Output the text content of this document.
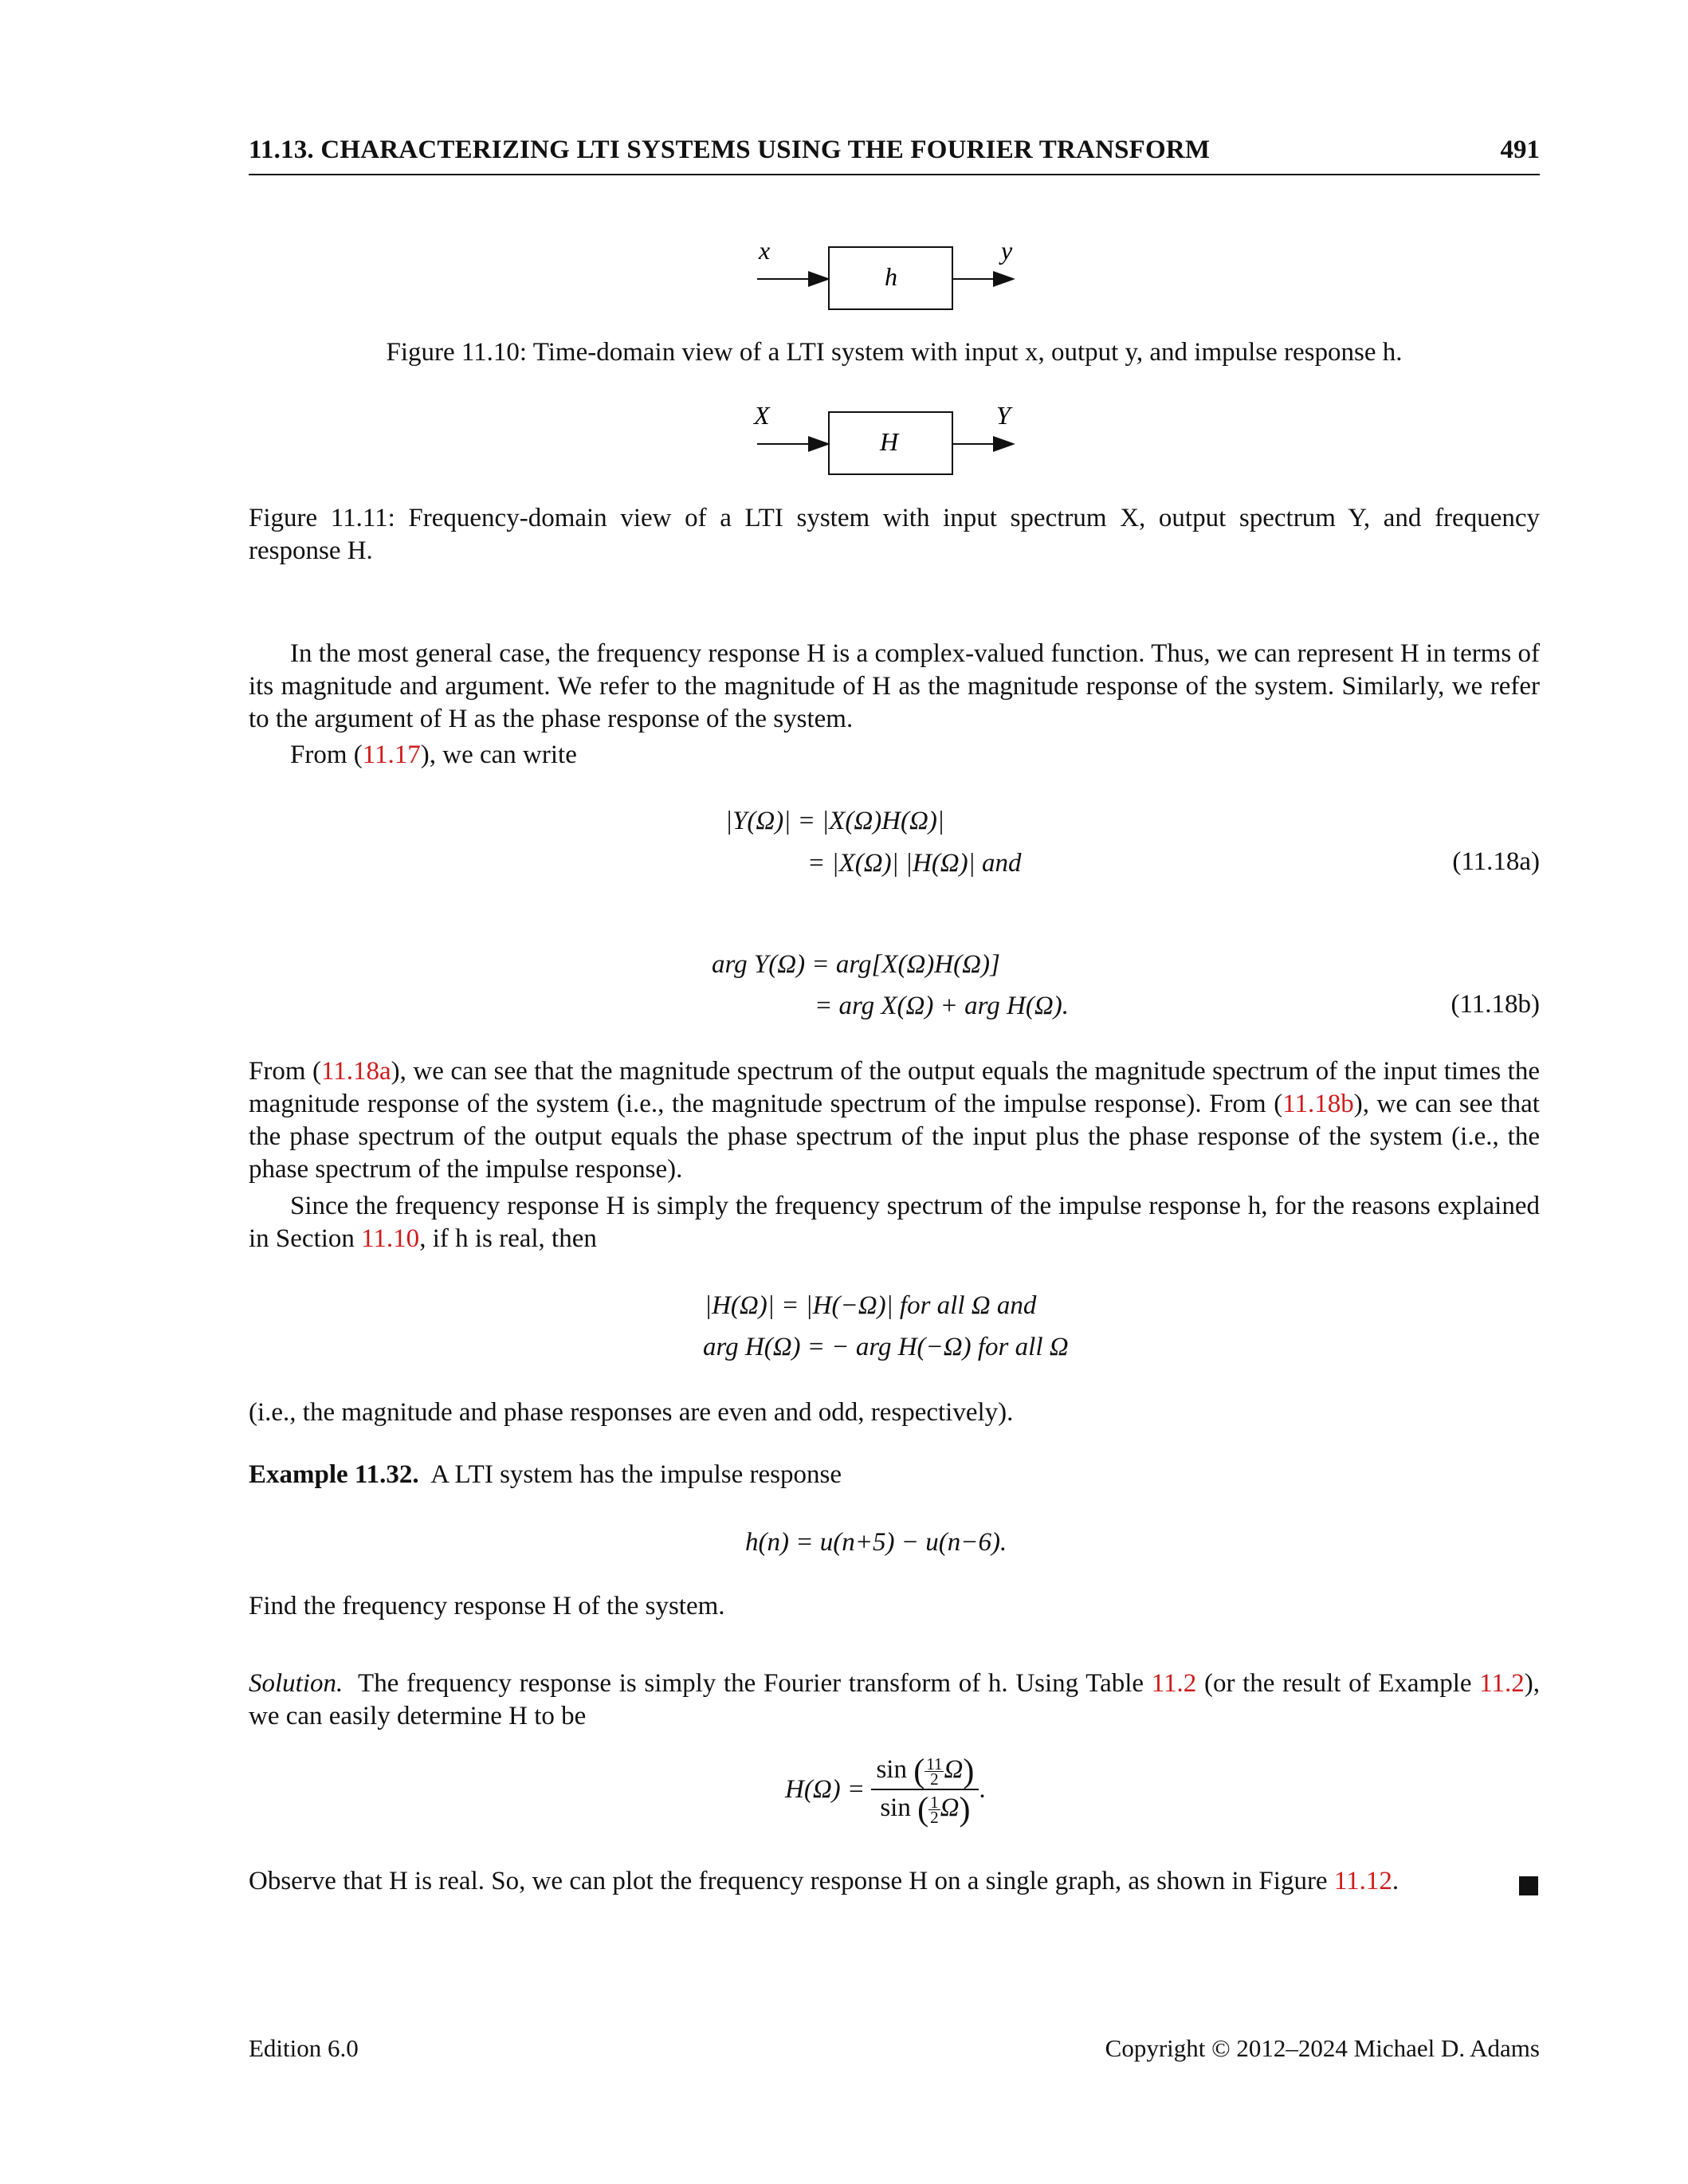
11.13. CHARACTERIZING LTI SYSTEMS USING THE FOURIER TRANSFORM	491
x	y
h
Figure 11.10: Time-domain view of a LTI system with input x, output y, and impulse response h.
X	Y
H
Figure 11.11: Frequency-domain view of a LTI system with input spectrum X, output spectrum Y, and frequency
response H.
In the most general case, the frequency response H is a complex-valued function. Thus, we can represent H in terms of its magnitude and argument. We refer to the magnitude of H as the magnitude response of the system. Similarly, we refer to the argument of H as the phase response of the system.
From (11.17), we can write
|Y(Ω)| = |X(Ω)H(Ω)|
= |X(Ω)| |H(Ω)| and	(11.18a)
arg Y(Ω) = arg[X(Ω)H(Ω)]
= arg X(Ω) + arg H(Ω).	(11.18b)
From (11.18a), we can see that the magnitude spectrum of the output equals the magnitude spectrum of the input times the magnitude response of the system (i.e., the magnitude spectrum of the impulse response). From (11.18b), we can see that the phase spectrum of the output equals the phase spectrum of the input plus the phase response of the system (i.e., the phase spectrum of the impulse response).
Since the frequency response H is simply the frequency spectrum of the impulse response h, for the reasons explained in Section 11.10, if h is real, then
|H(Ω)| = |H(−Ω)| for all Ω and
arg H(Ω) = − arg H(−Ω) for all Ω
(i.e., the magnitude and phase responses are even and odd, respectively).
Example 11.32. A LTI system has the impulse response
h(n) = u(n+5) − u(n−6).
Find the frequency response H of the system.
Solution. The frequency response is simply the Fourier transform of h. Using Table 11.2 (or the result of Example 11.2), we can easily determine H to be
$H(\Omega) = \frac{\sin ( \frac{11}{2} \Omega)}{\sin ( \frac{1}{2} \Omega)}$ .
Observe that H is real. So, we can plot the frequency response H on a single graph, as shown in Figure 11.12.
Edition 6.0	Copyright © 2012–2024 Michael D. Adams
